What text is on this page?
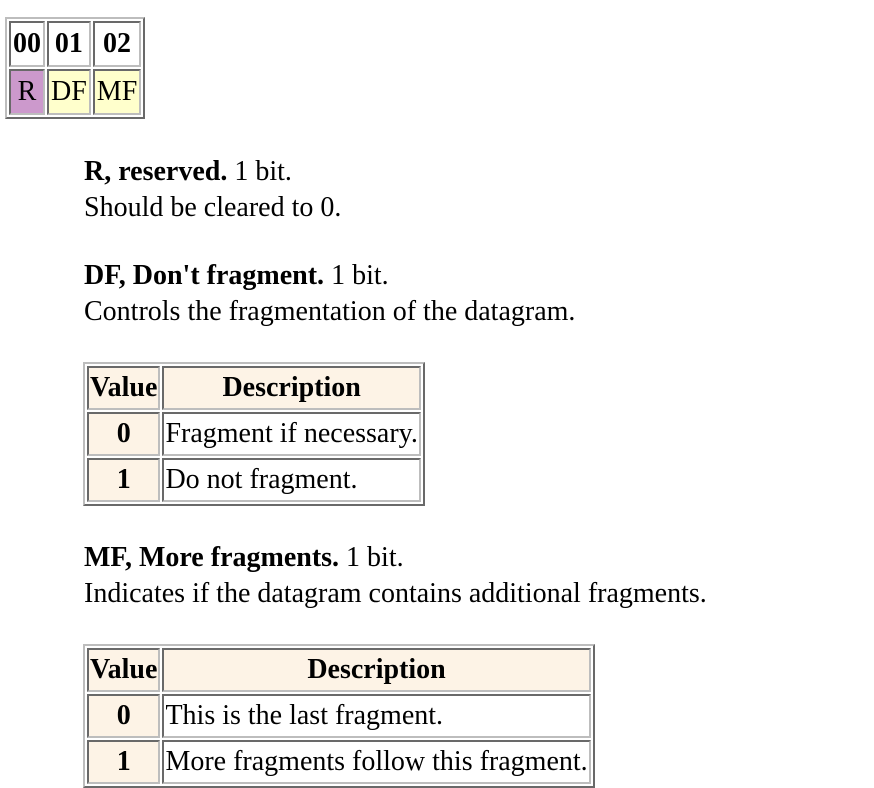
00	01	02
R	DF	MF
R, reserved. 1 bit.
Should be cleared to 0.
DF, Don't fragment. 1 bit.
Controls the fragmentation of the datagram.
Value	Description
0	Fragment if necessary.
1	Do not fragment.
MF, More fragments. 1 bit.
Indicates if the datagram contains additional fragments.
Value	Description
0	This is the last fragment.
1	More fragments follow this fragment.
